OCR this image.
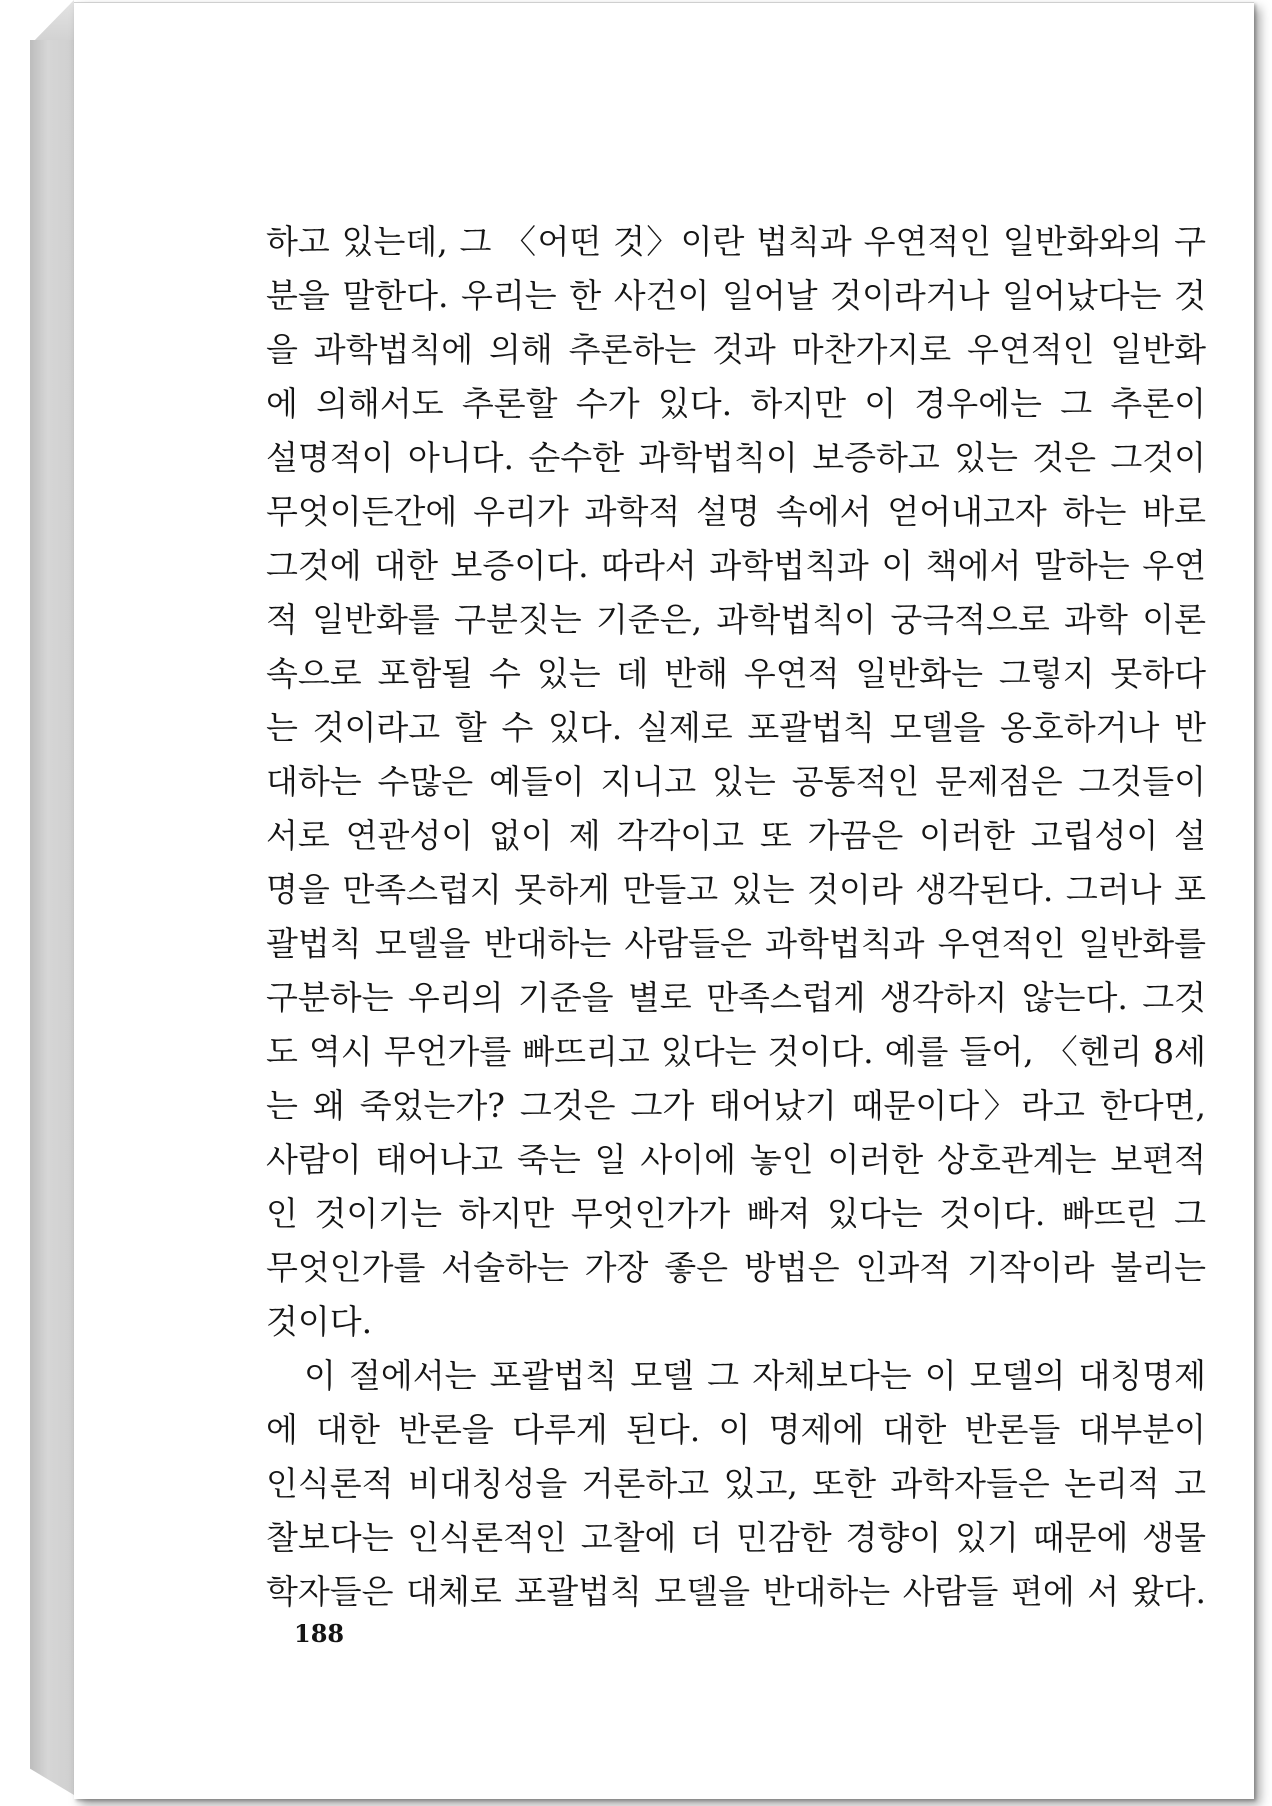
하고 있는데, 그 〈어떤 것〉이란 법칙과 우연적인 일반화와의 구
분을 말한다. 우리는 한 사건이 일어날 것이라거나 일어났다는 것
을 과학법칙에 의해 추론하는 것과 마찬가지로 우연적인 일반화
에 의해서도 추론할 수가 있다. 하지만 이 경우에는 그 추론이
설명적이 아니다. 순수한 과학법칙이 보증하고 있는 것은 그것이
무엇이든간에 우리가 과학적 설명 속에서 얻어내고자 하는 바로
그것에 대한 보증이다. 따라서 과학법칙과 이 책에서 말하는 우연
적 일반화를 구분짓는 기준은, 과학법칙이 궁극적으로 과학 이론
속으로 포함될 수 있는 데 반해 우연적 일반화는 그렇지 못하다
는 것이라고 할 수 있다. 실제로 포괄법칙 모델을 옹호하거나 반
대하는 수많은 예들이 지니고 있는 공통적인 문제점은 그것들이
서로 연관성이 없이 제 각각이고 또 가끔은 이러한 고립성이 설
명을 만족스럽지 못하게 만들고 있는 것이라 생각된다. 그러나 포
괄법칙 모델을 반대하는 사람들은 과학법칙과 우연적인 일반화를
구분하는 우리의 기준을 별로 만족스럽게 생각하지 않는다. 그것
도 역시 무언가를 빠뜨리고 있다는 것이다. 예를 들어, 〈헨리 8세
는 왜 죽었는가? 그것은 그가 태어났기 때문이다〉라고 한다면,
사람이 태어나고 죽는 일 사이에 놓인 이러한 상호관계는 보편적
인 것이기는 하지만 무엇인가가 빠져 있다는 것이다. 빠뜨린 그
무엇인가를 서술하는 가장 좋은 방법은 인과적 기작이라 불리는
것이다.
이 절에서는 포괄법칙 모델 그 자체보다는 이 모델의 대칭명제
에 대한 반론을 다루게 된다. 이 명제에 대한 반론들 대부분이
인식론적 비대칭성을 거론하고 있고, 또한 과학자들은 논리적 고
찰보다는 인식론적인 고찰에 더 민감한 경향이 있기 때문에 생물
학자들은 대체로 포괄법칙 모델을 반대하는 사람들 편에 서 왔다.
188
